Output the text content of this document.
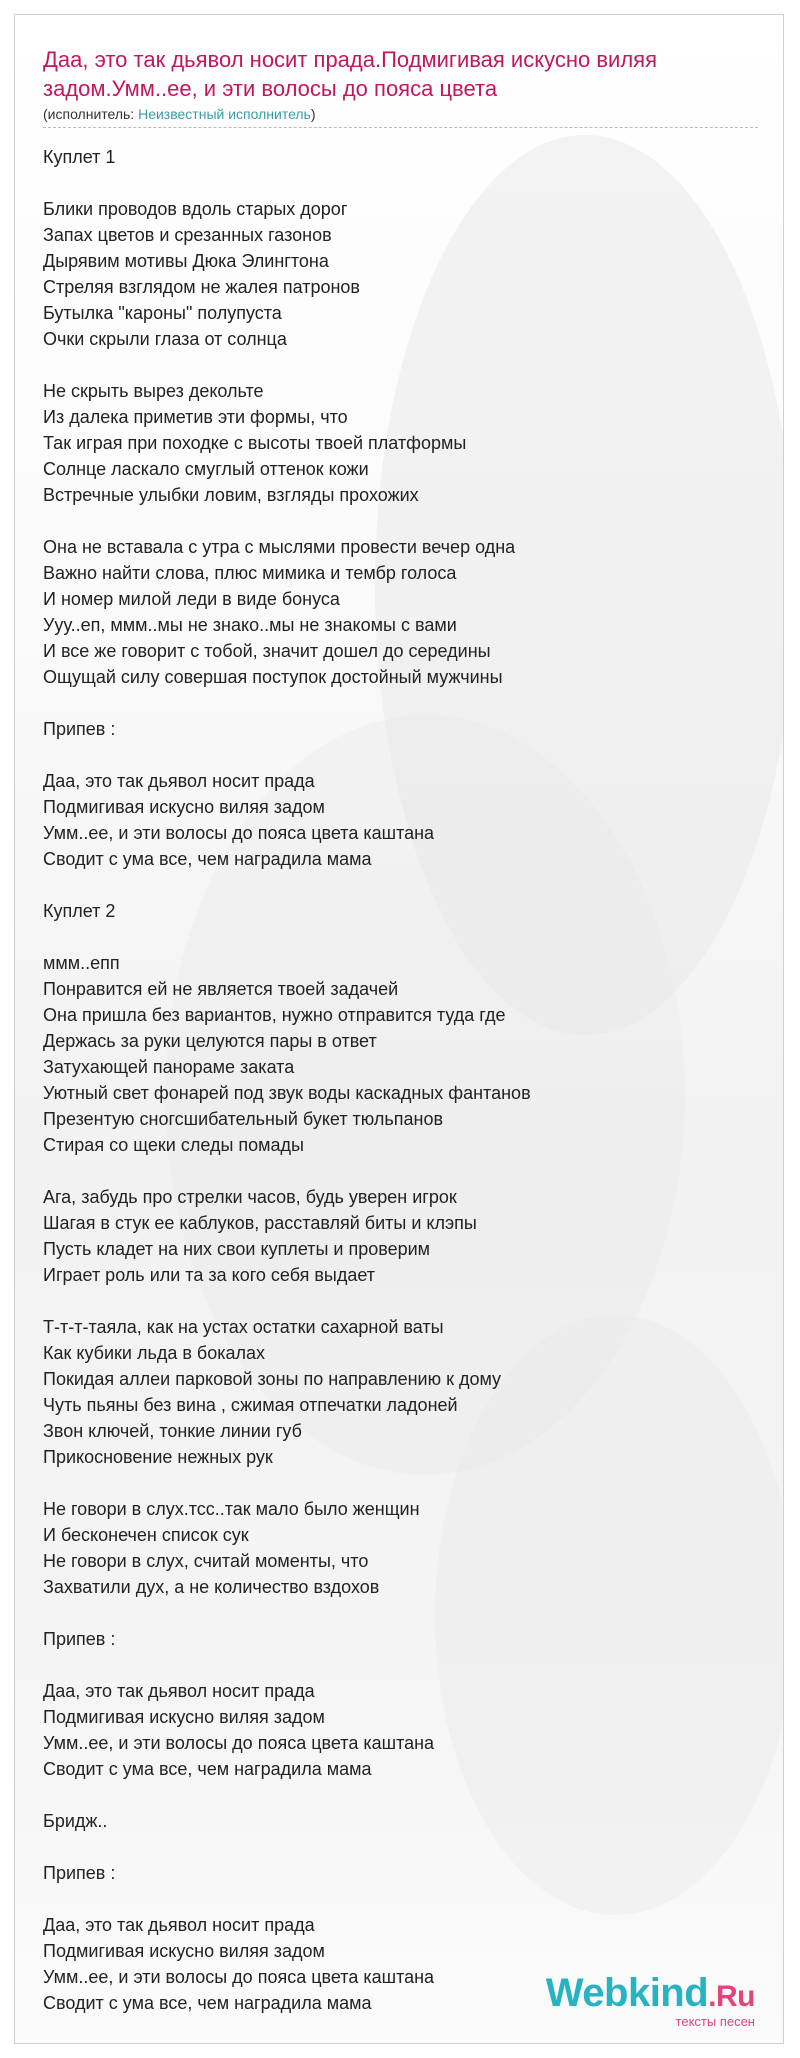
Даа, это так дьявол носит прада.Подмигивая искусно виляя задом.Умм..ее, и эти волосы до пояса цвета
(исполнитель: Неизвестный исполнитель)
Куплет 1
Блики проводов вдоль старых дорог
Запах цветов и срезанных газонов
Дырявим мотивы Дюка Элингтона
Стреляя взглядом не жалея патронов
Бутылка "кароны" полупуста
Очки скрыли глаза от солнца
Не скрыть вырез декольте
Из далека приметив эти формы, что
Так играя при походке с высоты твоей платформы
Солнце ласкало смуглый оттенок кожи
Встречные улыбки ловим, взгляды прохожих
Она не вставала с утра с мыслями провести вечер одна
Важно найти слова, плюс мимика и тембр голоса
И номер милой леди в виде бонуса
Ууу..еп, ммм..мы не знако..мы не знакомы с вами
И все же говорит с тобой, значит дошел до середины
Ощущай силу совершая поступок достойный мужчины
Припев :
Даа, это так дьявол носит прада
Подмигивая искусно виляя задом
Умм..ее, и эти волосы до пояса цвета каштана
Сводит с ума все, чем наградила мама
Куплет 2
ммм..епп
Понравится ей не является твоей задачей
Она пришла без вариантов, нужно отправится туда где
Держась за руки целуются пары в ответ
Затухающей панораме заката
Уютный свет фонарей под звук воды каскадных фантанов
Презентую сногсшибательный букет тюльпанов
Стирая со щеки следы помады
Ага, забудь про стрелки часов, будь уверен игрок
Шагая в стук ее каблуков, расставляй биты и клэпы
Пусть кладет на них свои куплеты и проверим
Играет роль или та за кого себя выдает
Т-т-т-таяла, как на устах остатки сахарной ваты
Как кубики льда в бокалах
Покидая аллеи парковой зоны по направлению к дому
Чуть пьяны без вина , сжимая отпечатки ладоней
Звон ключей, тонкие линии губ
Прикосновение нежных рук
Не говори в слух.тсс..так мало было женщин
И бесконечен список сук
Не говори в слух, считай моменты, что
Захватили дух, а не количество вздохов
Припев :
Даа, это так дьявол носит прада
Подмигивая искусно виляя задом
Умм..ее, и эти волосы до пояса цвета каштана
Сводит с ума все, чем наградила мама
Бридж..
Припев :
Даа, это так дьявол носит прада
Подмигивая искусно виляя задом
Умм..ее, и эти волосы до пояса цвета каштана
Сводит с ума все, чем наградила мама	Webkind.Ru
тексты песен
